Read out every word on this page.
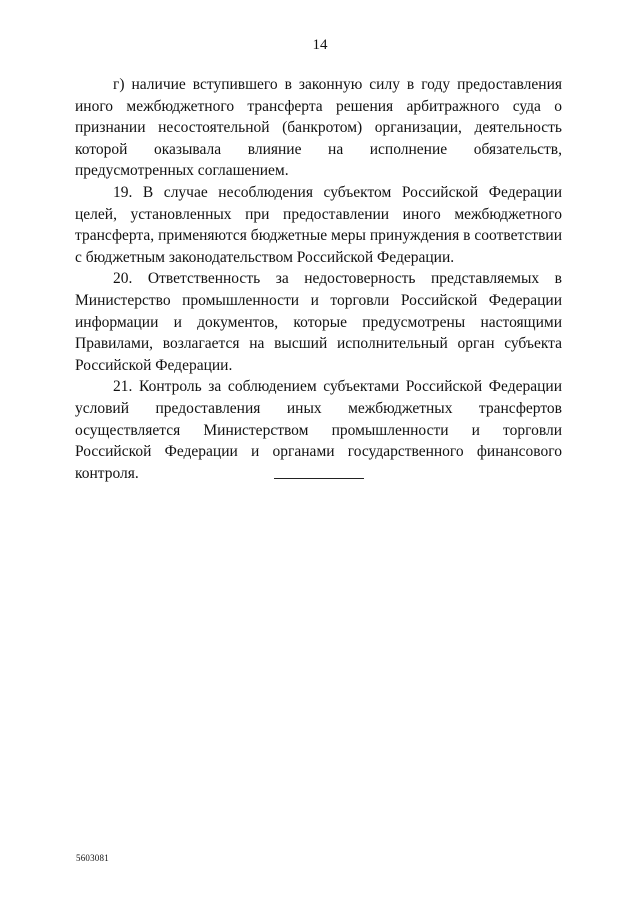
14

г) наличие вступившего в законную силу в году предоставления иного межбюджетного трансферта решения арбитражного суда о признании несостоятельной (банкротом) организации, деятельность которой оказывала влияние на исполнение обязательств, предусмотренных соглашением.

19. В случае несоблюдения субъектом Российской Федерации целей, установленных при предоставлении иного межбюджетного трансферта, применяются бюджетные меры принуждения в соответствии с бюджетным законодательством Российской Федерации.

20. Ответственность за недостоверность представляемых в Министерство промышленности и торговли Российской Федерации информации и документов, которые предусмотрены настоящими Правилами, возлагается на высший исполнительный орган субъекта Российской Федерации.

21. Контроль за соблюдением субъектами Российской Федерации условий предоставления иных межбюджетных трансфертов осуществляется Министерством промышленности и торговли Российской Федерации и органами государственного финансового контроля.

5603081
